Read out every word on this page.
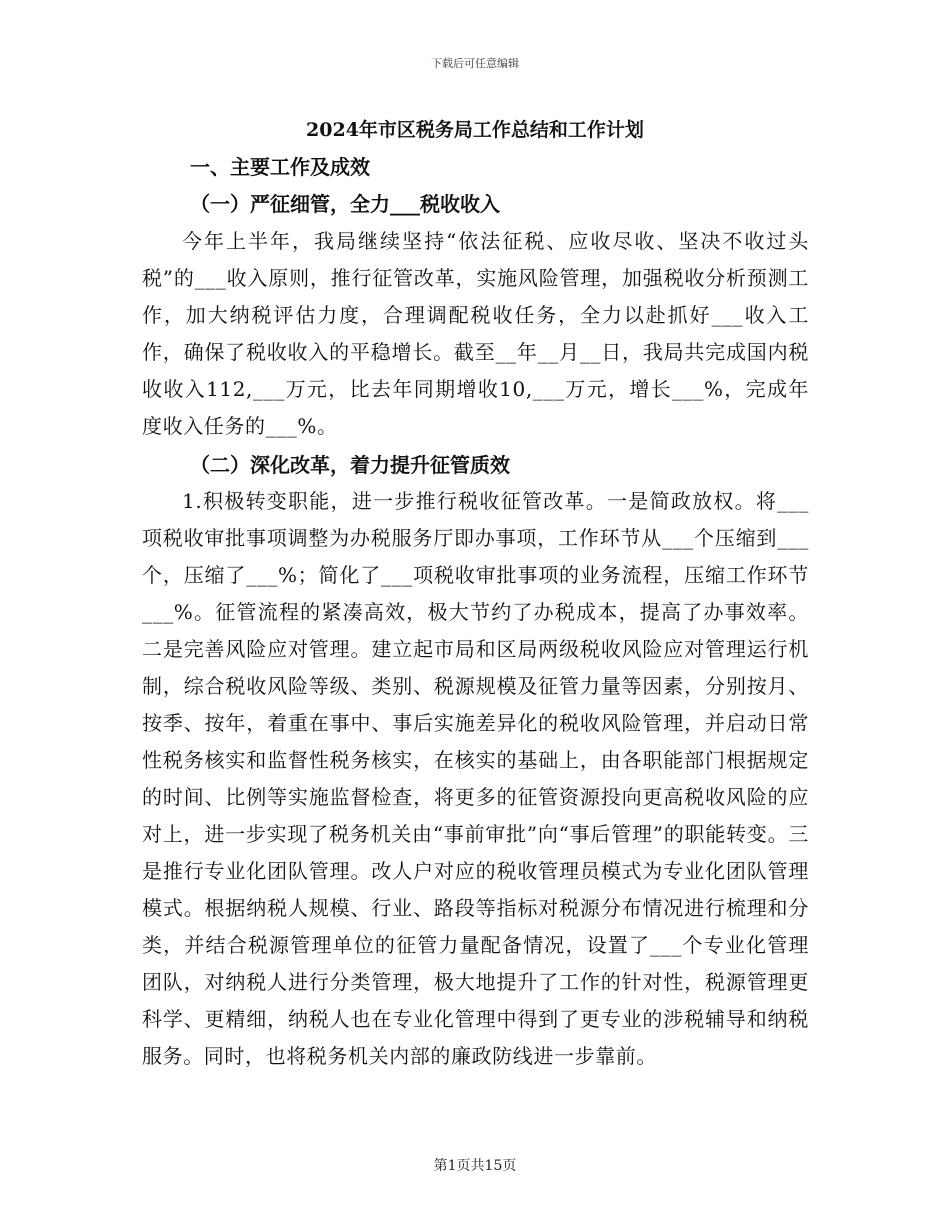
下载后可任意编辑
2024年市区税务局工作总结和工作计划
一、主要工作及成效
（一）严征细管，全力___税收收入

今年上半年，我局继续坚持“依法征税、应收尽收、坚决不收过头税”的___收入原则，推行征管改革，实施风险管理，加强税收分析预测工作，加大纳税评估力度，合理调配税收任务，全力以赴抓好___收入工作，确保了税收收入的平稳增长。截至__年__月__日，我局共完成国内税收收入112,___万元，比去年同期增收10,___万元，增长___%，完成年度收入任务的___%。

（二）深化改革，着力提升征管质效

1.积极转变职能，进一步推行税收征管改革。一是简政放权。将___项税收审批事项调整为办税服务厅即办事项，工作环节从___个压缩到___个，压缩了___%；简化了___项税收审批事项的业务流程，压缩工作环节___%。征管流程的紧凑高效，极大节约了办税成本，提高了办事效率。二是完善风险应对管理。建立起市局和区局两级税收风险应对管理运行机制，综合税收风险等级、类别、税源规模及征管力量等因素，分别按月、按季、按年，着重在事中、事后实施差异化的税收风险管理，并启动日常性税务核实和监督性税务核实，在核实的基础上，由各职能部门根据规定的时间、比例等实施监督检查，将更多的征管资源投向更高税收风险的应对上，进一步实现了税务机关由“事前审批”向“事后管理”的职能转变。三是推行专业化团队管理。改人户对应的税收管理员模式为专业化团队管理模式。根据纳税人规模、行业、路段等指标对税源分布情况进行梳理和分类，并结合税源管理单位的征管力量配备情况，设置了___个专业化管理团队，对纳税人进行分类管理，极大地提升了工作的针对性，税源管理更科学、更精细，纳税人也在专业化管理中得到了更专业的涉税辅导和纳税服务。同时，也将税务机关内部的廉政防线进一步靠前。

第1页共15页
